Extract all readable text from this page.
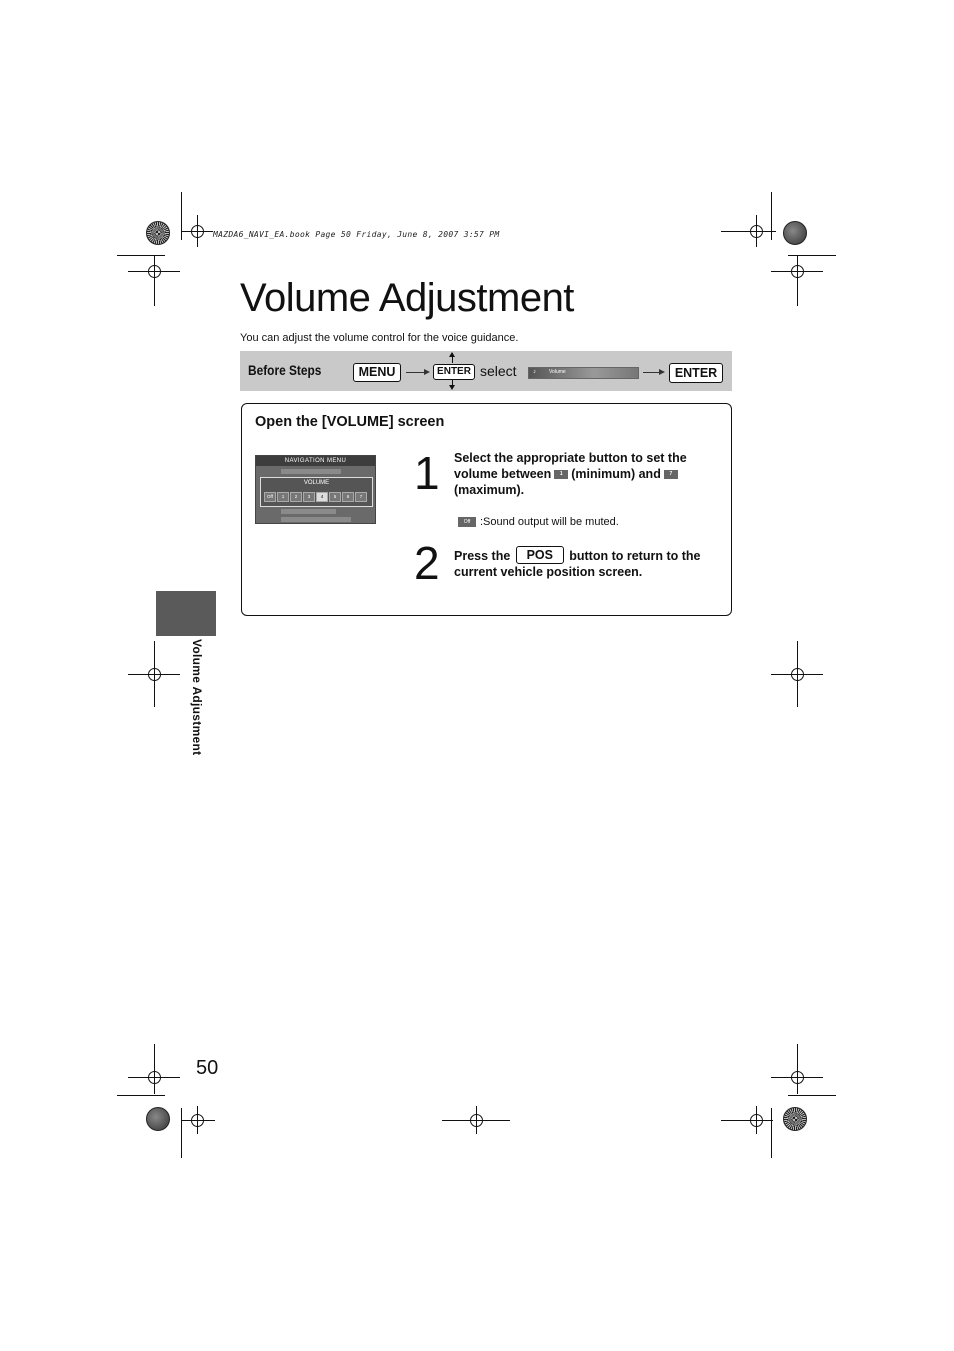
MAZDA6_NAVI_EA.book Page 50 Friday, June 8, 2007 3:57 PM
Volume Adjustment
You can adjust the volume control for the voice guidance.
Before Steps	MENU	ENTER select	♪	Volume	ENTER
Open the [VOLUME] screen
NAVIGATION MENU
VOLUME
Off	1	2	3	4	5	6	7 1 Select the appropriate button to set the
volume between 1 (minimum) and 7
(maximum).
Off :Sound output will be muted.
2 Press the POS button to return to the
current vehicle position screen.
Volume Adjustment
50
